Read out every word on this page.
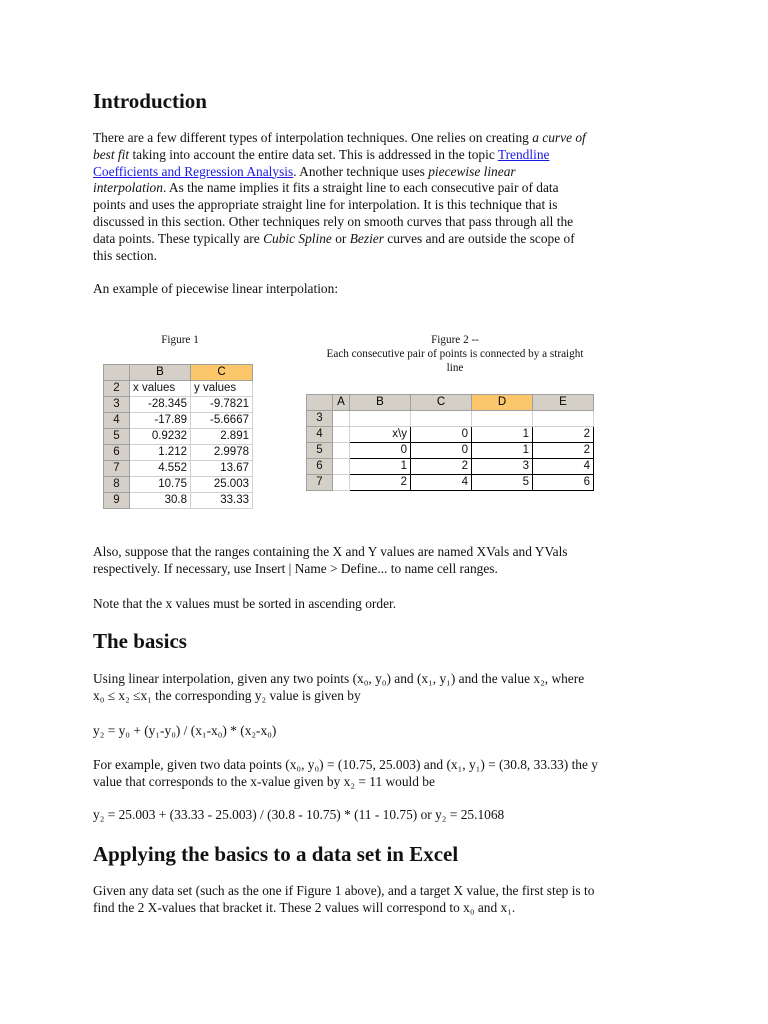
Introduction
There are a few different types of interpolation techniques. One relies on creating a curve of
best fit taking into account the entire data set. This is addressed in the topic Trendline
Coefficients and Regression Analysis. Another technique uses piecewise linear
interpolation. As the name implies it fits a straight line to each consecutive pair of data
points and uses the appropriate straight line for interpolation. It is this technique that is
discussed in this section. Other techniques rely on smooth curves that pass through all the
data points. These typically are Cubic Spline or Bezier curves and are outside the scope of
this section.
An example of piecewise linear interpolation:
Figure 1
	B	C
2	x values	y values
3	-28.345	-9.7821
4	-17.89	-5.6667
5	0.9232	2.891
6	1.212	2.9978
7	4.552	13.67
8	10.75	25.003
9	30.8	33.33
Figure 2 --
Each consecutive pair of points is connected by a straight
line
	A	B	C	D	E
3					
4		x\y	0	1	2
5		0	0	1	2
6		1	2	3	4
7		2	4	5	6
Also, suppose that the ranges containing the X and Y values are named XVals and YVals
respectively. If necessary, use Insert | Name > Define... to name cell ranges.
Note that the x values must be sorted in ascending order.
The basics
Using linear interpolation, given any two points (x₀, y₀) and (x₁, y₁) and the value x₂, where
x₀ ≤ x₂ ≤x₁ the corresponding y₂ value is given by
y₂ = y₀ + (y₁-y₀) / (x₁-x₀) * (x₂-x₀)
For example, given two data points (x₀, y₀) = (10.75, 25.003) and (x₁, y₁) = (30.8, 33.33) the y
value that corresponds to the x-value given by x₂ = 11 would be
y₂ = 25.003 + (33.33 - 25.003) / (30.8 - 10.75) * (11 - 10.75) or y₂ = 25.1068
Applying the basics to a data set in Excel
Given any data set (such as the one if Figure 1 above), and a target X value, the first step is to
find the 2 X-values that bracket it. These 2 values will correspond to x₀ and x₁.
